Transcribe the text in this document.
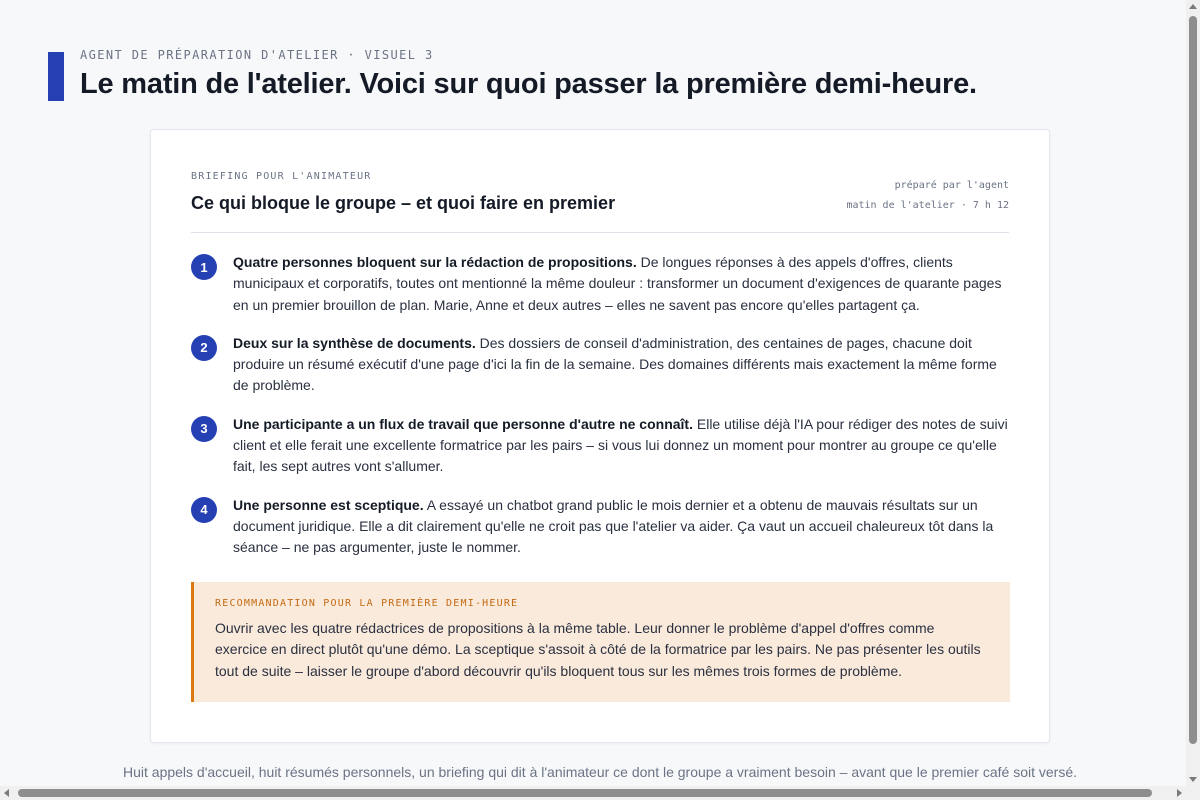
AGENT DE PRÉPARATION D'ATELIER · VISUEL 3
Le matin de l'atelier. Voici sur quoi passer la première demi-heure.
BRIEFING POUR L'ANIMATEUR
Ce qui bloque le groupe – et quoi faire en premier
préparé par l'agent
matin de l'atelier · 7 h 12
1	Quatre personnes bloquent sur la rédaction de propositions. De longues réponses à des appels d'offres, clients municipaux et corporatifs, toutes ont mentionné la même douleur : transformer un document d'exigences de quarante pages en un premier brouillon de plan. Marie, Anne et deux autres – elles ne savent pas encore qu'elles partagent ça.

2	Deux sur la synthèse de documents. Des dossiers de conseil d'administration, des centaines de pages, chacune doit produire un résumé exécutif d'une page d'ici la fin de la semaine. Des domaines différents mais exactement la même forme de problème.

3	Une participante a un flux de travail que personne d'autre ne connaît. Elle utilise déjà l'IA pour rédiger des notes de suivi client et elle ferait une excellente formatrice par les pairs – si vous lui donnez un moment pour montrer au groupe ce qu'elle fait, les sept autres vont s'allumer.

4	Une personne est sceptique. A essayé un chatbot grand public le mois dernier et a obtenu de mauvais résultats sur un document juridique. Elle a dit clairement qu'elle ne croit pas que l'atelier va aider. Ça vaut un accueil chaleureux tôt dans la séance – ne pas argumenter, juste le nommer.

RECOMMANDATION POUR LA PREMIÈRE DEMI-HEURE

Ouvrir avec les quatre rédactrices de propositions à la même table. Leur donner le problème d'appel d'offres comme exercice en direct plutôt qu'une démo. La sceptique s'assoit à côté de la formatrice par les pairs. Ne pas présenter les outils tout de suite – laisser le groupe d'abord découvrir qu'ils bloquent tous sur les mêmes trois formes de problème.

Huit appels d'accueil, huit résumés personnels, un briefing qui dit à l'animateur ce dont le groupe a vraiment besoin – avant que le premier café soit versé.
